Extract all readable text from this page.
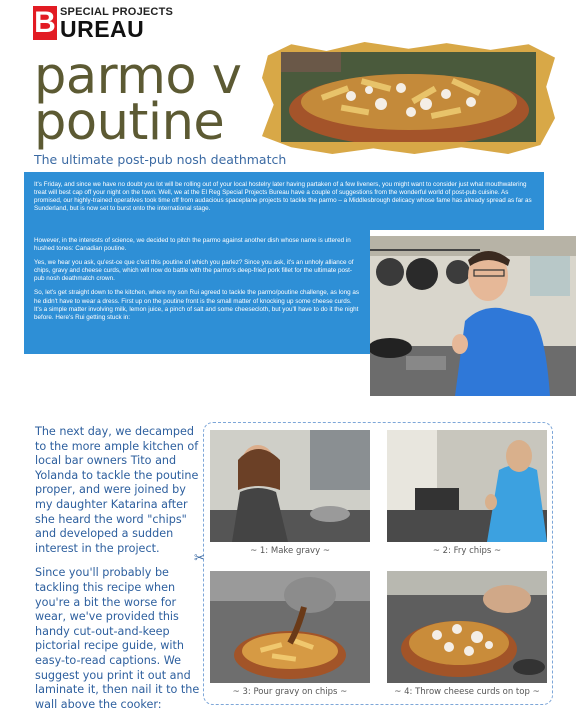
B SPECIAL PROJECTS
UREAU
parmo v
poutine
The ultimate post-pub nosh deathmatch

It's Friday, and since we have no doubt you lot will be rolling out of your local hostelry later having partaken of a few liveners, you might want to consider just what mouthwatering treat will best cap off your night on the town. Well, we at the El Reg Special Projects Bureau have a couple of suggestions from the wonderful world of post-pub cuisine. As promised, our highly-trained operatives took time off from audacious spaceplane projects to tackle the parmo – a Middlesbrough delicacy whose fame has already spread as far as Sunderland, but is now set to burst onto the international stage.

However, in the interests of science, we decided to pitch the parmo against another dish whose name is uttered in hushed tones: Canadian poutine.

Yes, we hear you ask, qu'est-ce que c'est this poutine of which you parlez? Since you ask, it's an unholy alliance of chips, gravy and cheese curds, which will now do battle with the parmo's deep-fried pork fillet for the ultimate post-pub nosh deathmatch crown.

So, let's get straight down to the kitchen, where my son Rui agreed to tackle the parmo/poutine challenge, as long as he didn't have to wear a dress. First up on the poutine front is the small matter of knocking up some cheese curds. It's a simple matter involving milk, lemon juice, a pinch of salt and some cheesecloth, but you'll have to do it the night before. Here's Rui getting stuck in:

The next day, we decamped to the more ample kitchen of local bar owners Tito and Yolanda to tackle the poutine proper, and were joined by my daughter Katarina after she heard the word "chips" and developed a sudden interest in the project.

Since you'll probably be tackling this recipe when you're a bit the worse for wear, we've provided this handy cut-out-and-keep pictorial recipe guide, with easy-to-read captions. We suggest you print it out and laminate it, then nail it to the wall above the cooker:

✂	~ 1: Make gravy ~	~ 2: Fry chips ~
~ 3: Pour gravy on chips ~	~ 4: Throw cheese curds on top ~
